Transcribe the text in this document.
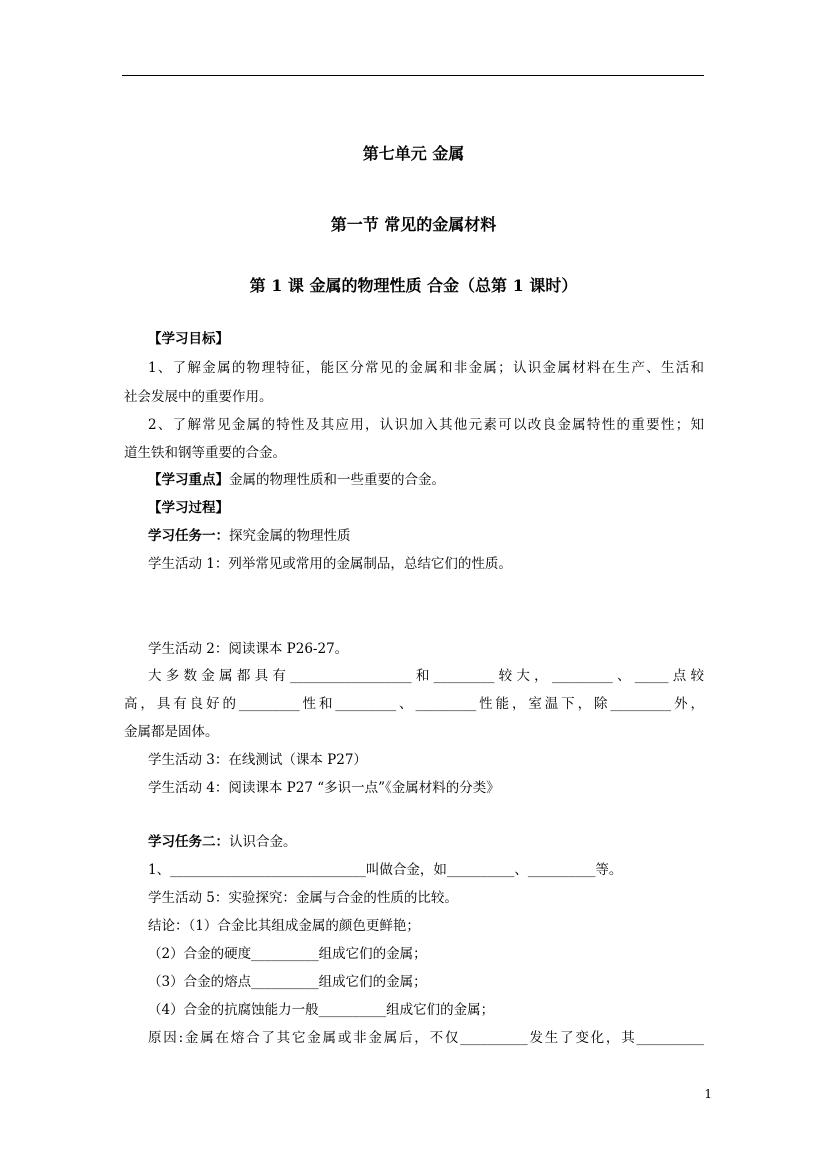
第七单元 金属
第一节 常见的金属材料
第 1 课 金属的物理性质 合金（总第 1 课时）
【学习目标】
1、了解金属的物理特征，能区分常见的金属和非金属；认识金属材料在生产、生活和
社会发展中的重要作用。
2、了解常见金属的特性及其应用，认识加入其他元素可以改良金属特性的重要性；知
道生铁和钢等重要的合金。
【学习重点】金属的物理性质和一些重要的合金。
【学习过程】
学习任务一：探究金属的物理性质
学生活动 1：列举常见或常用的金属制品，总结它们的性质。
学生活动 2：阅读课本 P26-27。
大多数金属都具有__________________和_________较大，_________、_____点较
高，具有良好的_________性和_________、_________性能，室温下，除_________外，
金属都是固体。
学生活动 3：在线测试（课本 P27）
学生活动 4：阅读课本 P27 “多识一点”《金属材料的分类》
学习任务二：认识合金。
1、_____________________________叫做合金，如__________、__________等。
学生活动 5：实验探究：金属与合金的性质的比较。
结论：（1）合金比其组成金属的颜色更鲜艳；
（2）合金的硬度__________组成它们的金属；
（3）合金的熔点__________组成它们的金属；
（4）合金的抗腐蚀能力一般__________组成它们的金属；
原因:金属在熔合了其它金属或非金属后，不仅__________发生了变化，其__________
1
